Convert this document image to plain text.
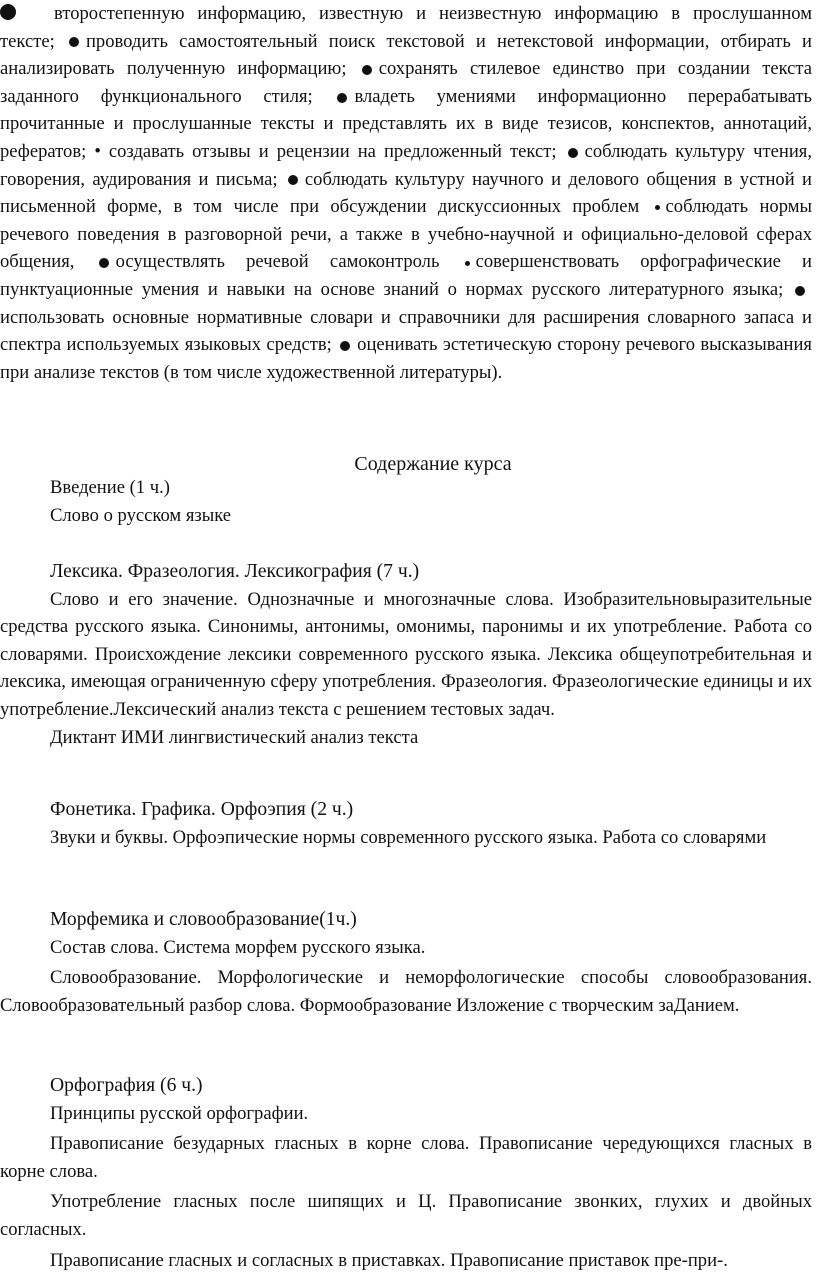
второстепенную информацию, известную и неизвестную информацию в прослушанном тексте; проводить самостоятельный поиск текстовой и нетекстовой информации, отбирать и анализировать полученную информацию; сохранять стилевое единство при создании текста заданного функционального стиля; владеть умениями информационно перерабатывать прочитанные и прослушанные тексты и представлять их в виде тезисов, конспектов, аннотаций, рефератов; • создавать отзывы и рецензии на предложенный текст; соблюдать культуру чтения, говорения, аудирования и письма; соблюдать культуру научного и делового общения в устной и письменной форме, в том числе при обсуждении дискуссионных проблем соблюдать нормы речевого поведения в разговорной речи, а также в учебно-научной и официально-деловой сферах общения, осуществлять речевой самоконтроль совершенствовать орфографические и пунктуационные умения и навыки на основе знаний о нормах русского литературного языка; использовать основные нормативные словари и справочники для расширения словарного запаса и спектра используемых языковых средств; оценивать эстетическую сторону речевого высказывания при анализе текстов (в том числе художественной литературы).

Содержание курса

Введение (1 ч.)

Слово о русском языке

Лексика. Фразеология. Лексикография (7 ч.)

Слово и его значение. Однозначные и многозначные слова. Изобразительновыразительные средства русского языка. Синонимы, антонимы, омонимы, паронимы и их употребление. Работа со словарями. Происхождение лексики современного русского языка. Лексика общеупотребительная и лексика, имеющая ограниченную сферу употребления. Фразеология. Фразеологические единицы и их употребление.Лексический анализ текста с решением тестовых задач.

Диктант ИМИ лингвистический анализ текста

Фонетика. Графика. Орфоэпия (2 ч.)

Звуки и буквы. Орфоэпические нормы современного русского языка. Работа со словарями

Морфемика и словообразование(1ч.)

Состав слова. Система морфем русского языка.

Словообразование. Морфологические и неморфологические способы словообразования. Словообразовательный разбор слова. Формообразование Изложение с творческим заДанием.

Орфография (6 ч.)

Принципы русской орфографии.

Правописание безударных гласных в корне слова. Правописание чередующихся гласных в корне слова.

Употребление гласных после шипящих и Ц. Правописание звонких, глухих и двойных согласных.

Правописание гласных и согласных в приставках. Правописание приставок пре-при-.
